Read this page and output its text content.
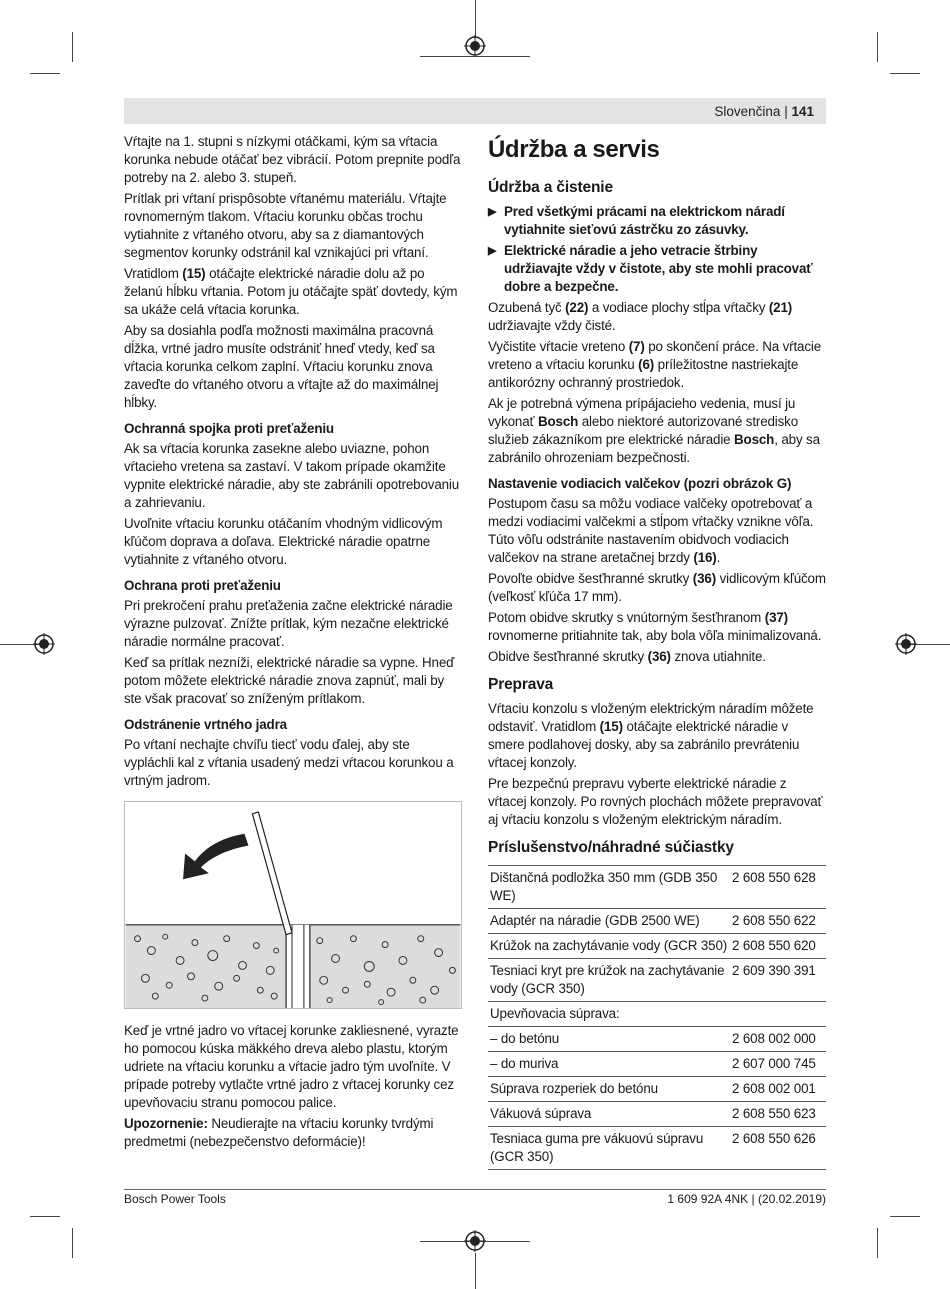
Slovenčina | 141

Vŕtajte na 1. stupni s nízkymi otáčkami, kým sa vŕtacia korunka nebude otáčať bez vibrácií. Potom prepnite podľa potreby na 2. alebo 3. stupeň.

Prítlak pri vŕtaní prispôsobte vŕtanému materiálu. Vŕtajte rovnomerným tlakom. Vŕtaciu korunku občas trochu vytiahnite z vŕtaného otvoru, aby sa z diamantových segmentov korunky odstránil kal vznikajúci pri vŕtaní.

Vratidlom (15) otáčajte elektrické náradie dolu až po želanú hĺbku vŕtania. Potom ju otáčajte späť dovtedy, kým sa ukáže celá vŕtacia korunka.

Aby sa dosiahla podľa možnosti maximálna pracovná dĺžka, vrtné jadro musíte odstrániť hneď vtedy, keď sa vŕtacia korunka celkom zaplní. Vŕtaciu korunku znova zaveďte do vŕtaného otvoru a vŕtajte až do maximálnej hĺbky.

Ochranná spojka proti preťaženiu

Ak sa vŕtacia korunka zasekne alebo uviazne, pohon vŕtacieho vretena sa zastaví. V takom prípade okamžite vypnite elektrické náradie, aby ste zabránili opotrebovaniu a zahrievaniu.

Uvoľnite vŕtaciu korunku otáčaním vhodným vidlicovým kľúčom doprava a doľava. Elektrické náradie opatrne vytiahnite z vŕtaného otvoru.

Ochrana proti preťaženiu

Pri prekročení prahu preťaženia začne elektrické náradie výrazne pulzovať. Znížte prítlak, kým nezačne elektrické náradie normálne pracovať.

Keď sa prítlak nezníži, elektrické náradie sa vypne. Hneď potom môžete elektrické náradie znova zapnúť, mali by ste však pracovať so zníženým prítlakom.

Odstránenie vrtného jadra

Po vŕtaní nechajte chvíľu tiecť vodu ďalej, aby ste vypláchli kal z vŕtania usadený medzi vŕtacou korunkou a vrtným jadrom.

Keď je vrtné jadro vo vŕtacej korunke zakliesnené, vyrazte ho pomocou kúska mäkkého dreva alebo plastu, ktorým udriete na vŕtaciu korunku a vŕtacie jadro tým uvoľníte. V prípade potreby vytlačte vrtné jadro z vŕtacej korunky cez upevňovaciu stranu pomocou palice.

Upozornenie: Neudierajte na vŕtaciu korunky tvrdými predmetmi (nebezpečenstvo deformácie)!

Údržba a servis
Údržba a čistenie
▶ Pred všetkými prácami na elektrickom náradí vytiahnite sieťovú zástrčku zo zásuvky.
▶ Elektrické náradie a jeho vetracie štrbiny udržiavajte vždy v čistote, aby ste mohli pracovať dobre a bezpečne.

Ozubená tyč (22) a vodiace plochy stĺpa vŕtačky (21) udržiavajte vždy čisté.

Vyčistite vŕtacie vreteno (7) po skončení práce. Na vŕtacie vreteno a vŕtaciu korunku (6) príležitostne nastriekajte antikorózny ochranný prostriedok.

Ak je potrebná výmena prípájacieho vedenia, musí ju vykonať Bosch alebo niektoré autorizované stredisko služieb zákazníkom pre elektrické náradie Bosch, aby sa zabránilo ohrozeniam bezpečnosti.

Nastavenie vodiacich valčekov (pozri obrázok G)

Postupom času sa môžu vodiace valčeky opotrebovať a medzi vodiacimi valčekmi a stĺpom vŕtačky vznikne vôľa. Túto vôľu odstránite nastavením obidvoch vodiacich valčekov na strane aretačnej brzdy (16).

Povoľte obidve šesťhranné skrutky (36) vidlicovým kľúčom (veľkosť kľúča 17 mm).

Potom obidve skrutky s vnútorným šesťhranom (37) rovnomerne pritiahnite tak, aby bola vôľa minimalizovaná.

Obidve šesťhranné skrutky (36) znova utiahnite.

Preprava

Vŕtaciu konzolu s vloženým elektrickým náradím môžete odstaviť. Vratidlom (15) otáčajte elektrické náradie v smere podlahovej dosky, aby sa zabránilo prevráteniu vŕtacej konzoly.

Pre bezpečnú prepravu vyberte elektrické náradie z vŕtacej konzoly. Po rovných plochách môžete prepravovať aj vŕtaciu konzolu s vloženým elektrickým náradím.

Príslušenstvo/náhradné súčiastky
Dištančná podložka 350 mm (GDB 350 WE)	2 608 550 628
Adaptér na náradie (GDB 2500 WE)	2 608 550 622
Krúžok na zachytávanie vody (GCR 350)	2 608 550 620
Tesniaci kryt pre krúžok na zachytávanie vody (GCR 350)	2 609 390 391
Upevňovacia súprava:	
– do betónu	2 608 002 000
– do muriva	2 607 000 745
Súprava rozperiek do betónu	2 608 002 001
Vákuová súprava	2 608 550 623
Tesniaca guma pre vákuovú súpravu (GCR 350)	2 608 550 626
Bosch Power Tools	1 609 92A 4NK | (20.02.2019)
